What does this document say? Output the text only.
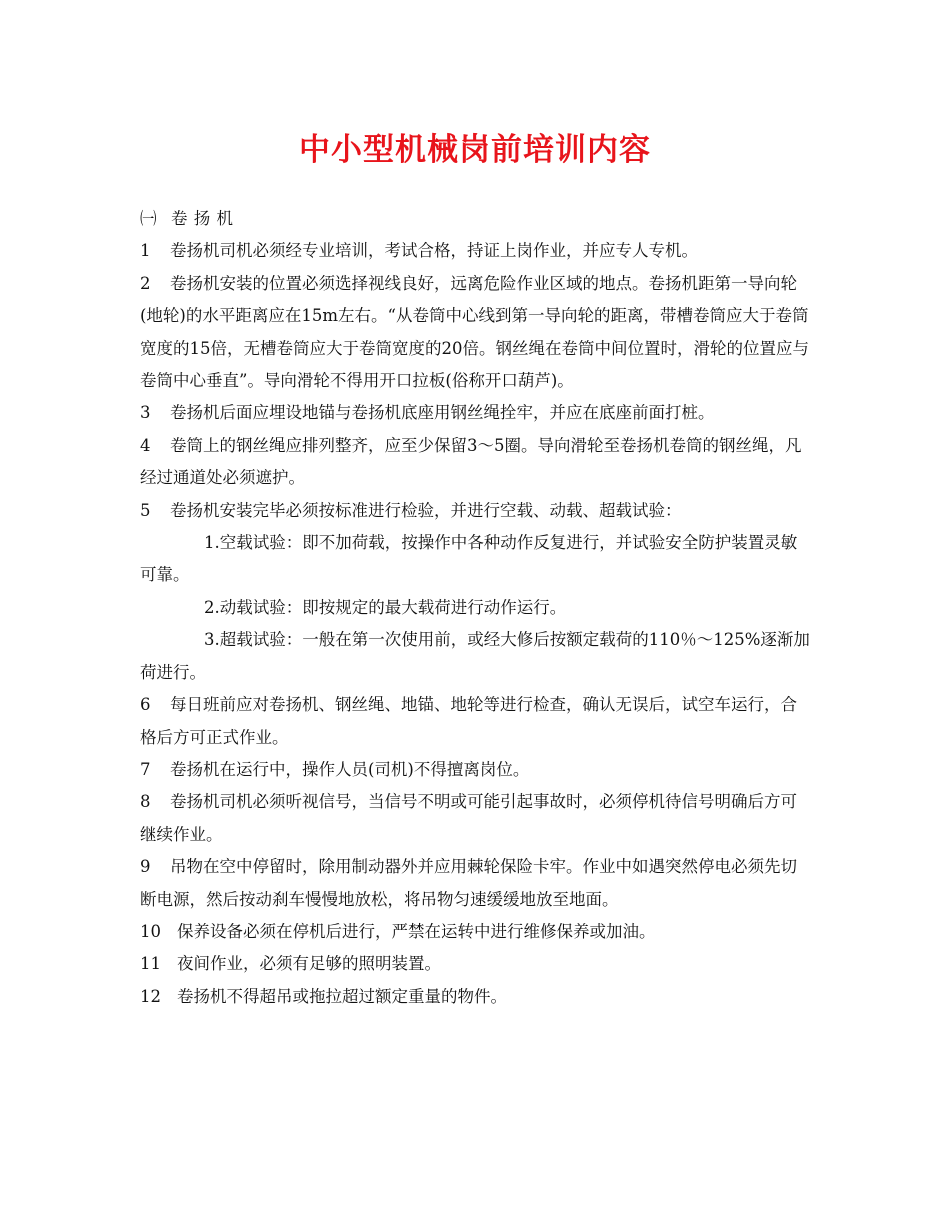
中小型机械岗前培训内容

㈠ 卷 扬 机

1 卷扬机司机必须经专业培训，考试合格，持证上岗作业，并应专人专机。

2 卷扬机安装的位置必须选择视线良好，远离危险作业区域的地点。卷扬机距第一导向轮(地轮)的水平距离应在15m左右。“从卷筒中心线到第一导向轮的距离，带槽卷筒应大于卷筒宽度的15倍，无槽卷筒应大于卷筒宽度的20倍。钢丝绳在卷筒中间位置时，滑轮的位置应与卷筒中心垂直”。导向滑轮不得用开口拉板(俗称开口葫芦)。

3 卷扬机后面应埋设地锚与卷扬机底座用钢丝绳拴牢，并应在底座前面打桩。

4 卷筒上的钢丝绳应排列整齐，应至少保留3～5圈。导向滑轮至卷扬机卷筒的钢丝绳，凡经过通道处必须遮护。

5 卷扬机安装完毕必须按标准进行检验，并进行空载、动载、超载试验：

1.空载试验：即不加荷载，按操作中各种动作反复进行，并试验安全防护装置灵敏可靠。

2.动载试验：即按规定的最大载荷进行动作运行。

3.超载试验：一般在第一次使用前，或经大修后按额定载荷的110％～125%逐渐加荷进行。

6 每日班前应对卷扬机、钢丝绳、地锚、地轮等进行检查，确认无误后，试空车运行，合格后方可正式作业。

7 卷扬机在运行中，操作人员(司机)不得擅离岗位。

8 卷扬机司机必须听视信号，当信号不明或可能引起事故时，必须停机待信号明确后方可继续作业。

9 吊物在空中停留时，除用制动器外并应用棘轮保险卡牢。作业中如遇突然停电必须先切断电源，然后按动刹车慢慢地放松，将吊物匀速缓缓地放至地面。

10 保养设备必须在停机后进行，严禁在运转中进行维修保养或加油。

11 夜间作业，必须有足够的照明装置。

12 卷扬机不得超吊或拖拉超过额定重量的物件。
